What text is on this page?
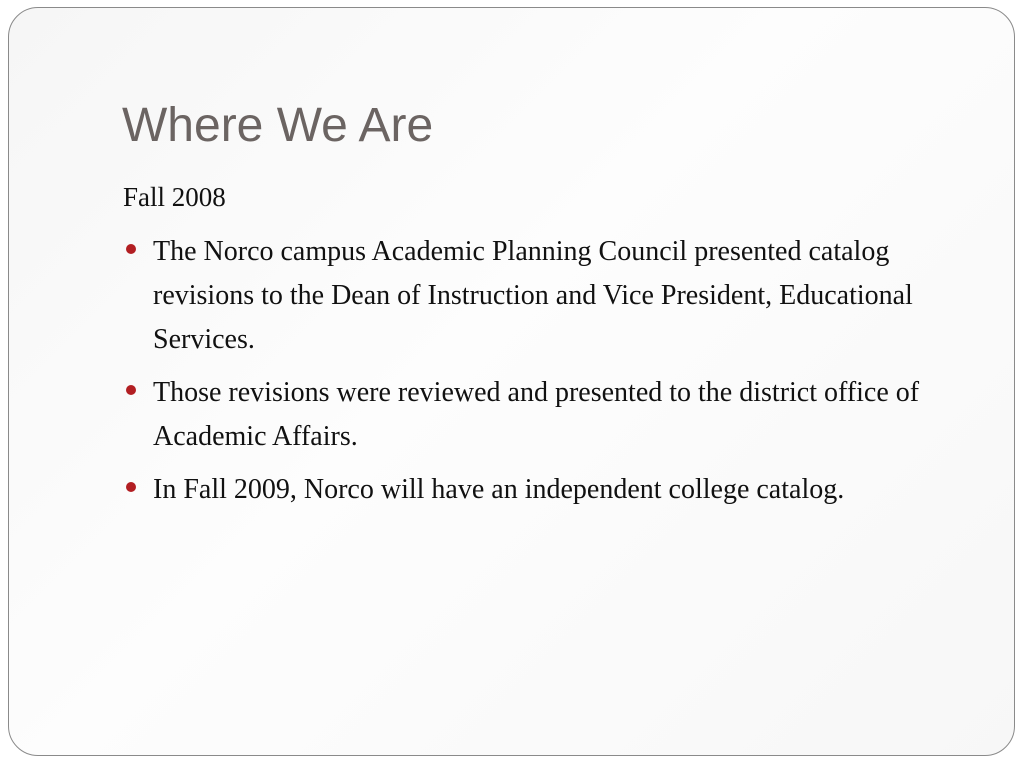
Where We Are

Fall 2008

The Norco campus Academic Planning Council presented catalog revisions to the Dean of Instruction and Vice President, Educational Services.
Those revisions were reviewed and presented to the district office of Academic Affairs.
In Fall 2009, Norco will have an independent college catalog.
